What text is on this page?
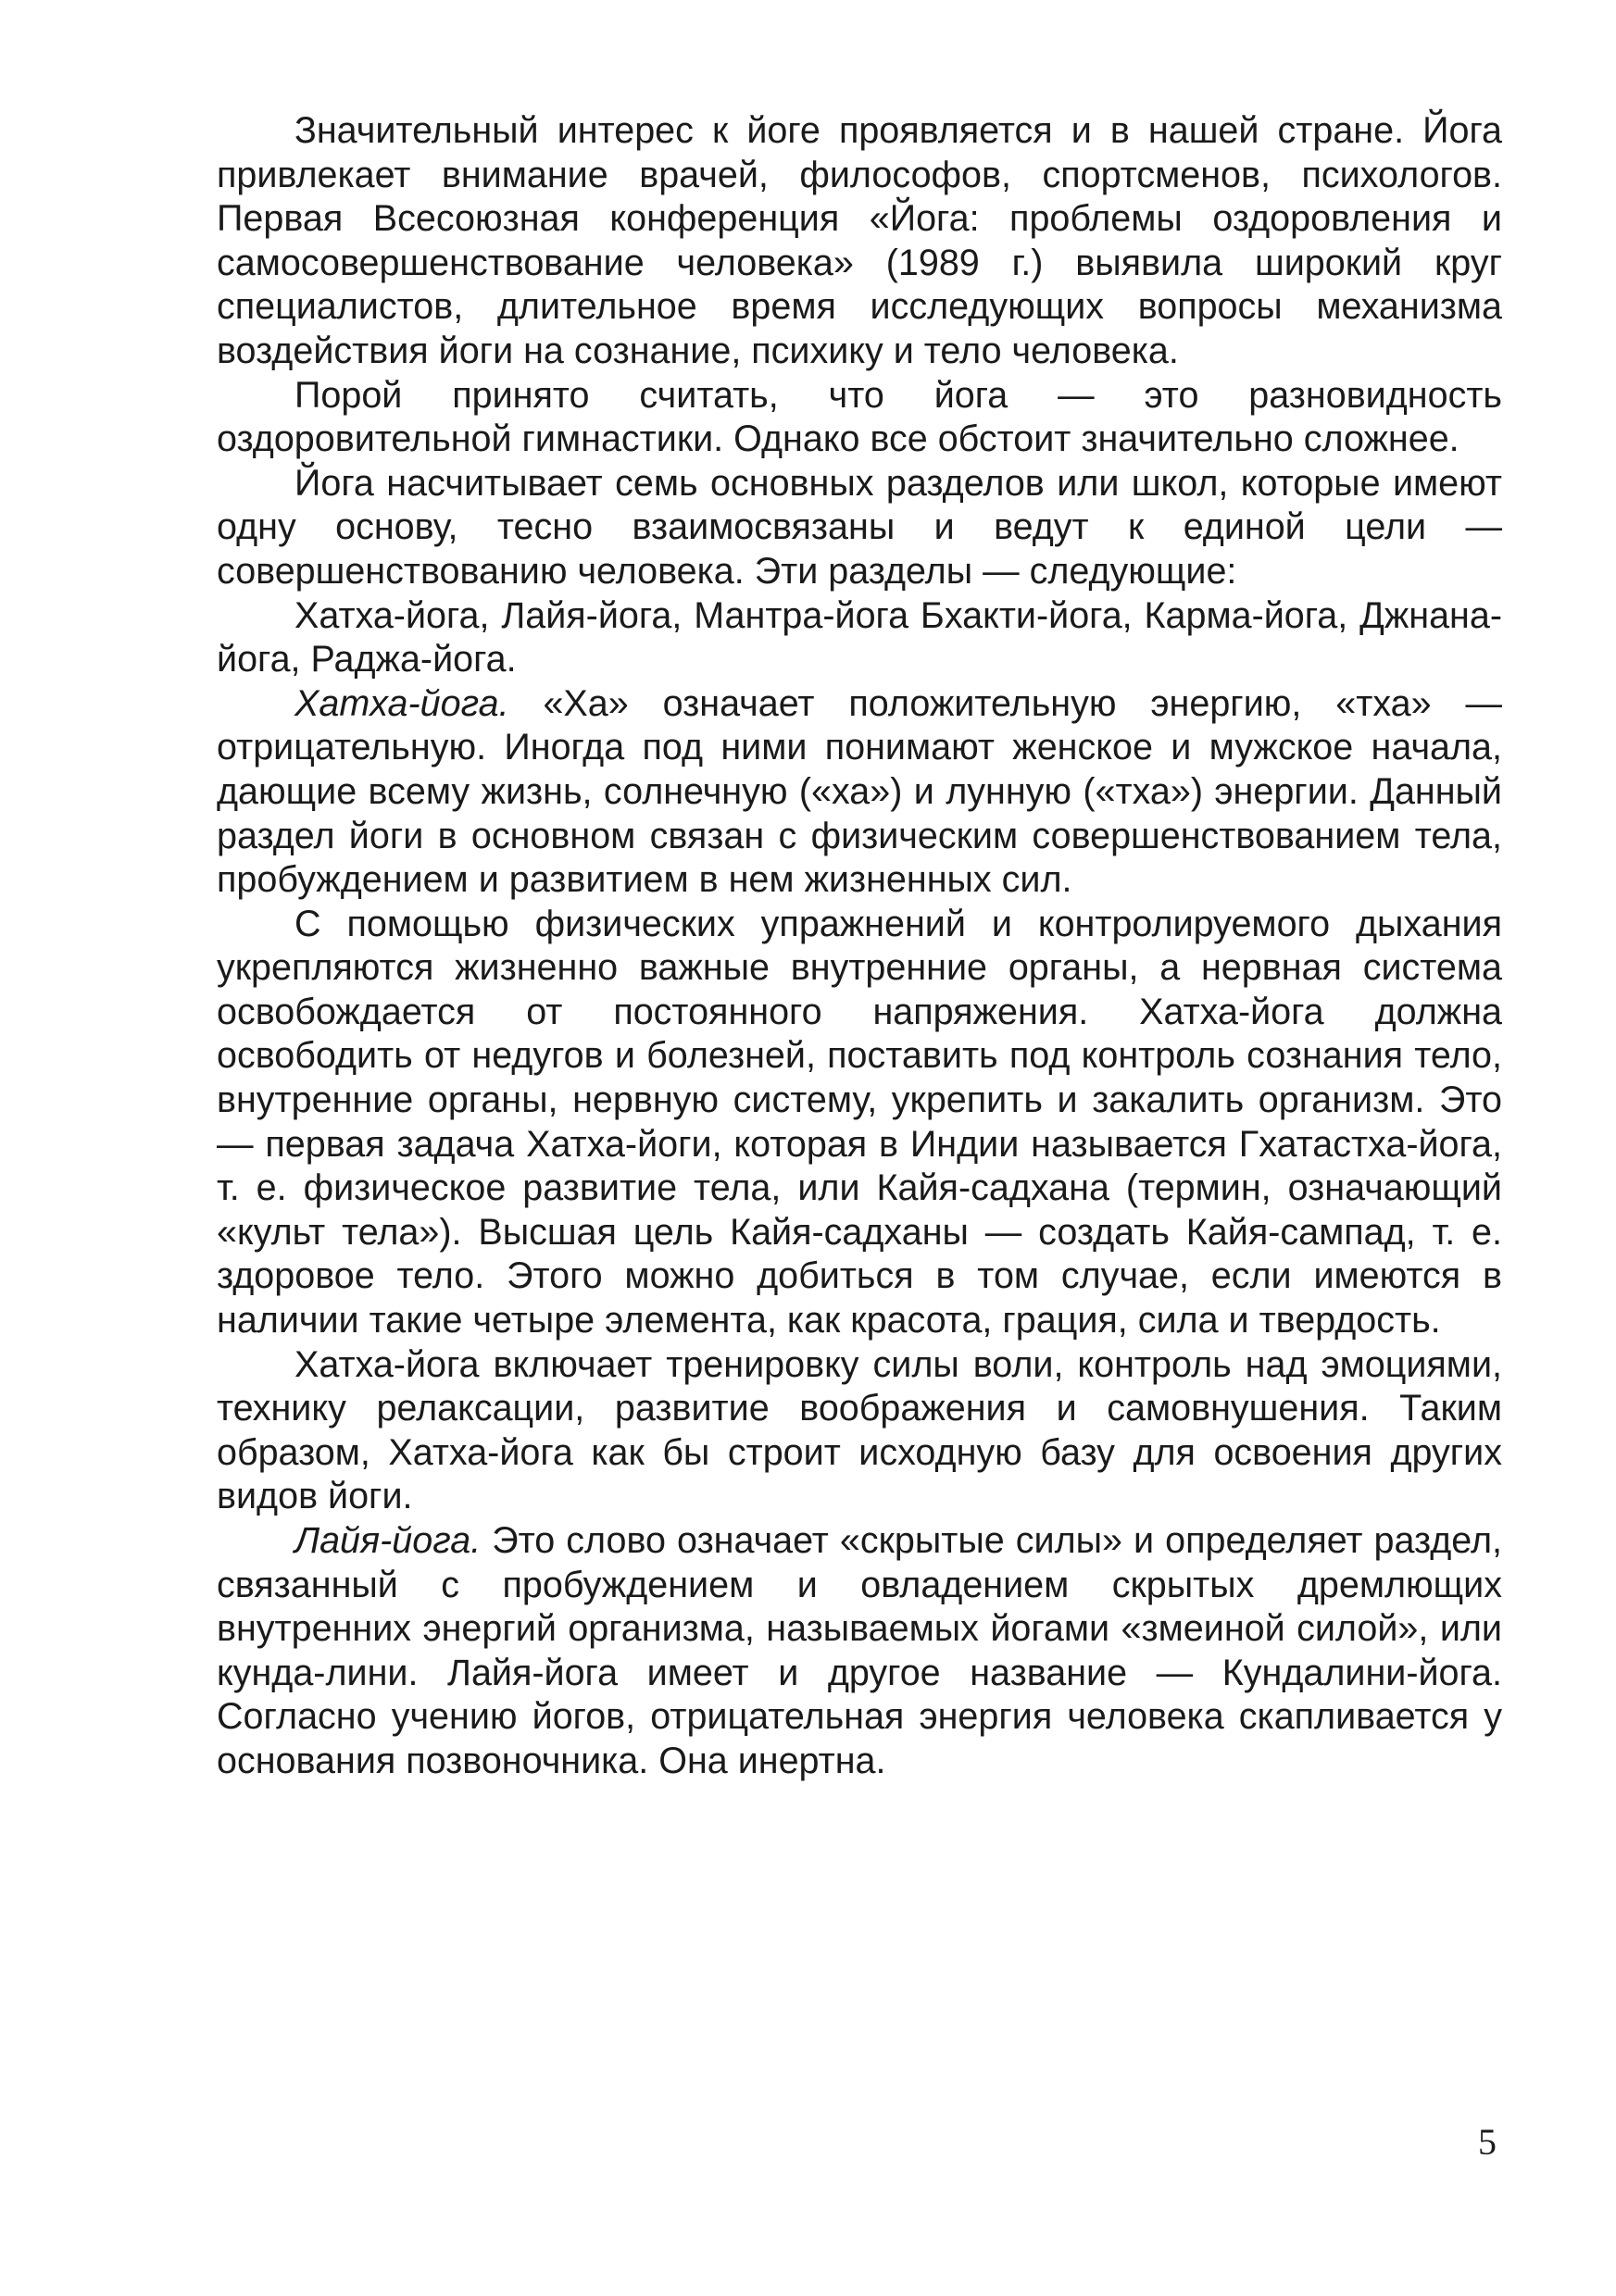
Значительный интерес к йоге проявляется и в нашей стране. Йога привлекает внимание врачей, философов, спортсменов, психологов. Первая Всесоюзная конференция «Йога: проблемы оздоровления и самосовершенствование человека» (1989 г.) выявила широкий круг специалистов, длительное время исследующих вопросы механизма воздействия йоги на сознание, психику и тело человека.

Порой принято считать, что йога — это разновидность оздоровительной гимнастики. Однако все обстоит значительно сложнее.

Йога насчитывает семь основных разделов или школ, которые имеют одну основу, тесно взаимосвязаны и ведут к единой цели — совершенствованию человека. Эти разделы — следующие:

Хатха-йога, Лайя-йога, Мантра-йога Бхакти-йога, Карма-йога, Джнана-йога, Раджа-йога.

Хатха-йога. «Ха» означает положительную энергию, «тха» — отрицательную. Иногда под ними понимают женское и мужское начала, дающие всему жизнь, солнечную («ха») и лунную («тха») энергии. Данный раздел йоги в основном связан с физическим совершенствованием тела, пробуждением и развитием в нем жизненных сил.

С помощью физических упражнений и контролируемого дыхания укрепляются жизненно важные внутренние органы, а нервная система освобождается от постоянного напряжения. Хатха-йога должна освободить от недугов и болезней, поставить под контроль сознания тело, внутренние органы, нервную систему, укрепить и закалить организм. Это — первая задача Хатха-йоги, которая в Индии называется Гхатастха-йога, т. е. физическое развитие тела, или Кайя-садхана (термин, означающий «культ тела»). Высшая цель Кайя-садханы — создать Кайя-сампад, т. е. здоровое тело. Этого можно добиться в том случае, если имеются в наличии такие четыре элемента, как красота, грация, сила и твердость.

Хатха-йога включает тренировку силы воли, контроль над эмоциями, технику релаксации, развитие воображения и самовнушения. Таким образом, Хатха-йога как бы строит исходную базу для освоения других видов йоги.

Лайя-йога. Это слово означает «скрытые силы» и определяет раздел, связанный с пробуждением и овладением скрытых дремлющих внутренних энергий организма, называемых йогами «змеиной силой», или кунда-лини. Лайя-йога имеет и другое название — Кундалини-йога. Согласно учению йогов, отрицательная энергия человека скапливается у основания позвоночника. Она инертна.

5
